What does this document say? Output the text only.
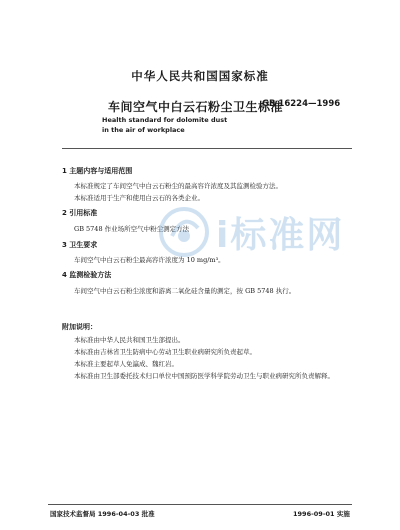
中华人民共和国国家标准
车间空气中白云石粉尘卫生标准
GB 16224—1996
Health standard for dolomite dust
in the air of workplace
1 主题内容与适用范围
本标准规定了车间空气中白云石粉尘的最高容许浓度及其监测检验方法。
本标准适用于生产和使用白云石的各类企业。
2 引用标准
GB 5748 作业场所空气中粉尘测定方法
3 卫生要求
车间空气中白云石粉尘最高容许浓度为 10 mg/m³。
4 监测检验方法
车间空气中白云石粉尘浓度和游离二氧化硅含量的测定，按 GB 5748 执行。
附加说明：
本标准由中华人民共和国卫生部提出。
本标准由吉林省卫生防病中心劳动卫生职业病研究所负责起草。
本标准主要起草人免瀛成、魏红岩。
本标准由卫生部委托技术归口单位中国预防医学科学院劳动卫生与职业病研究所负责解释。
国家技术监督局 1996-04-03 批准	1996-09-01 实施
i标准网
